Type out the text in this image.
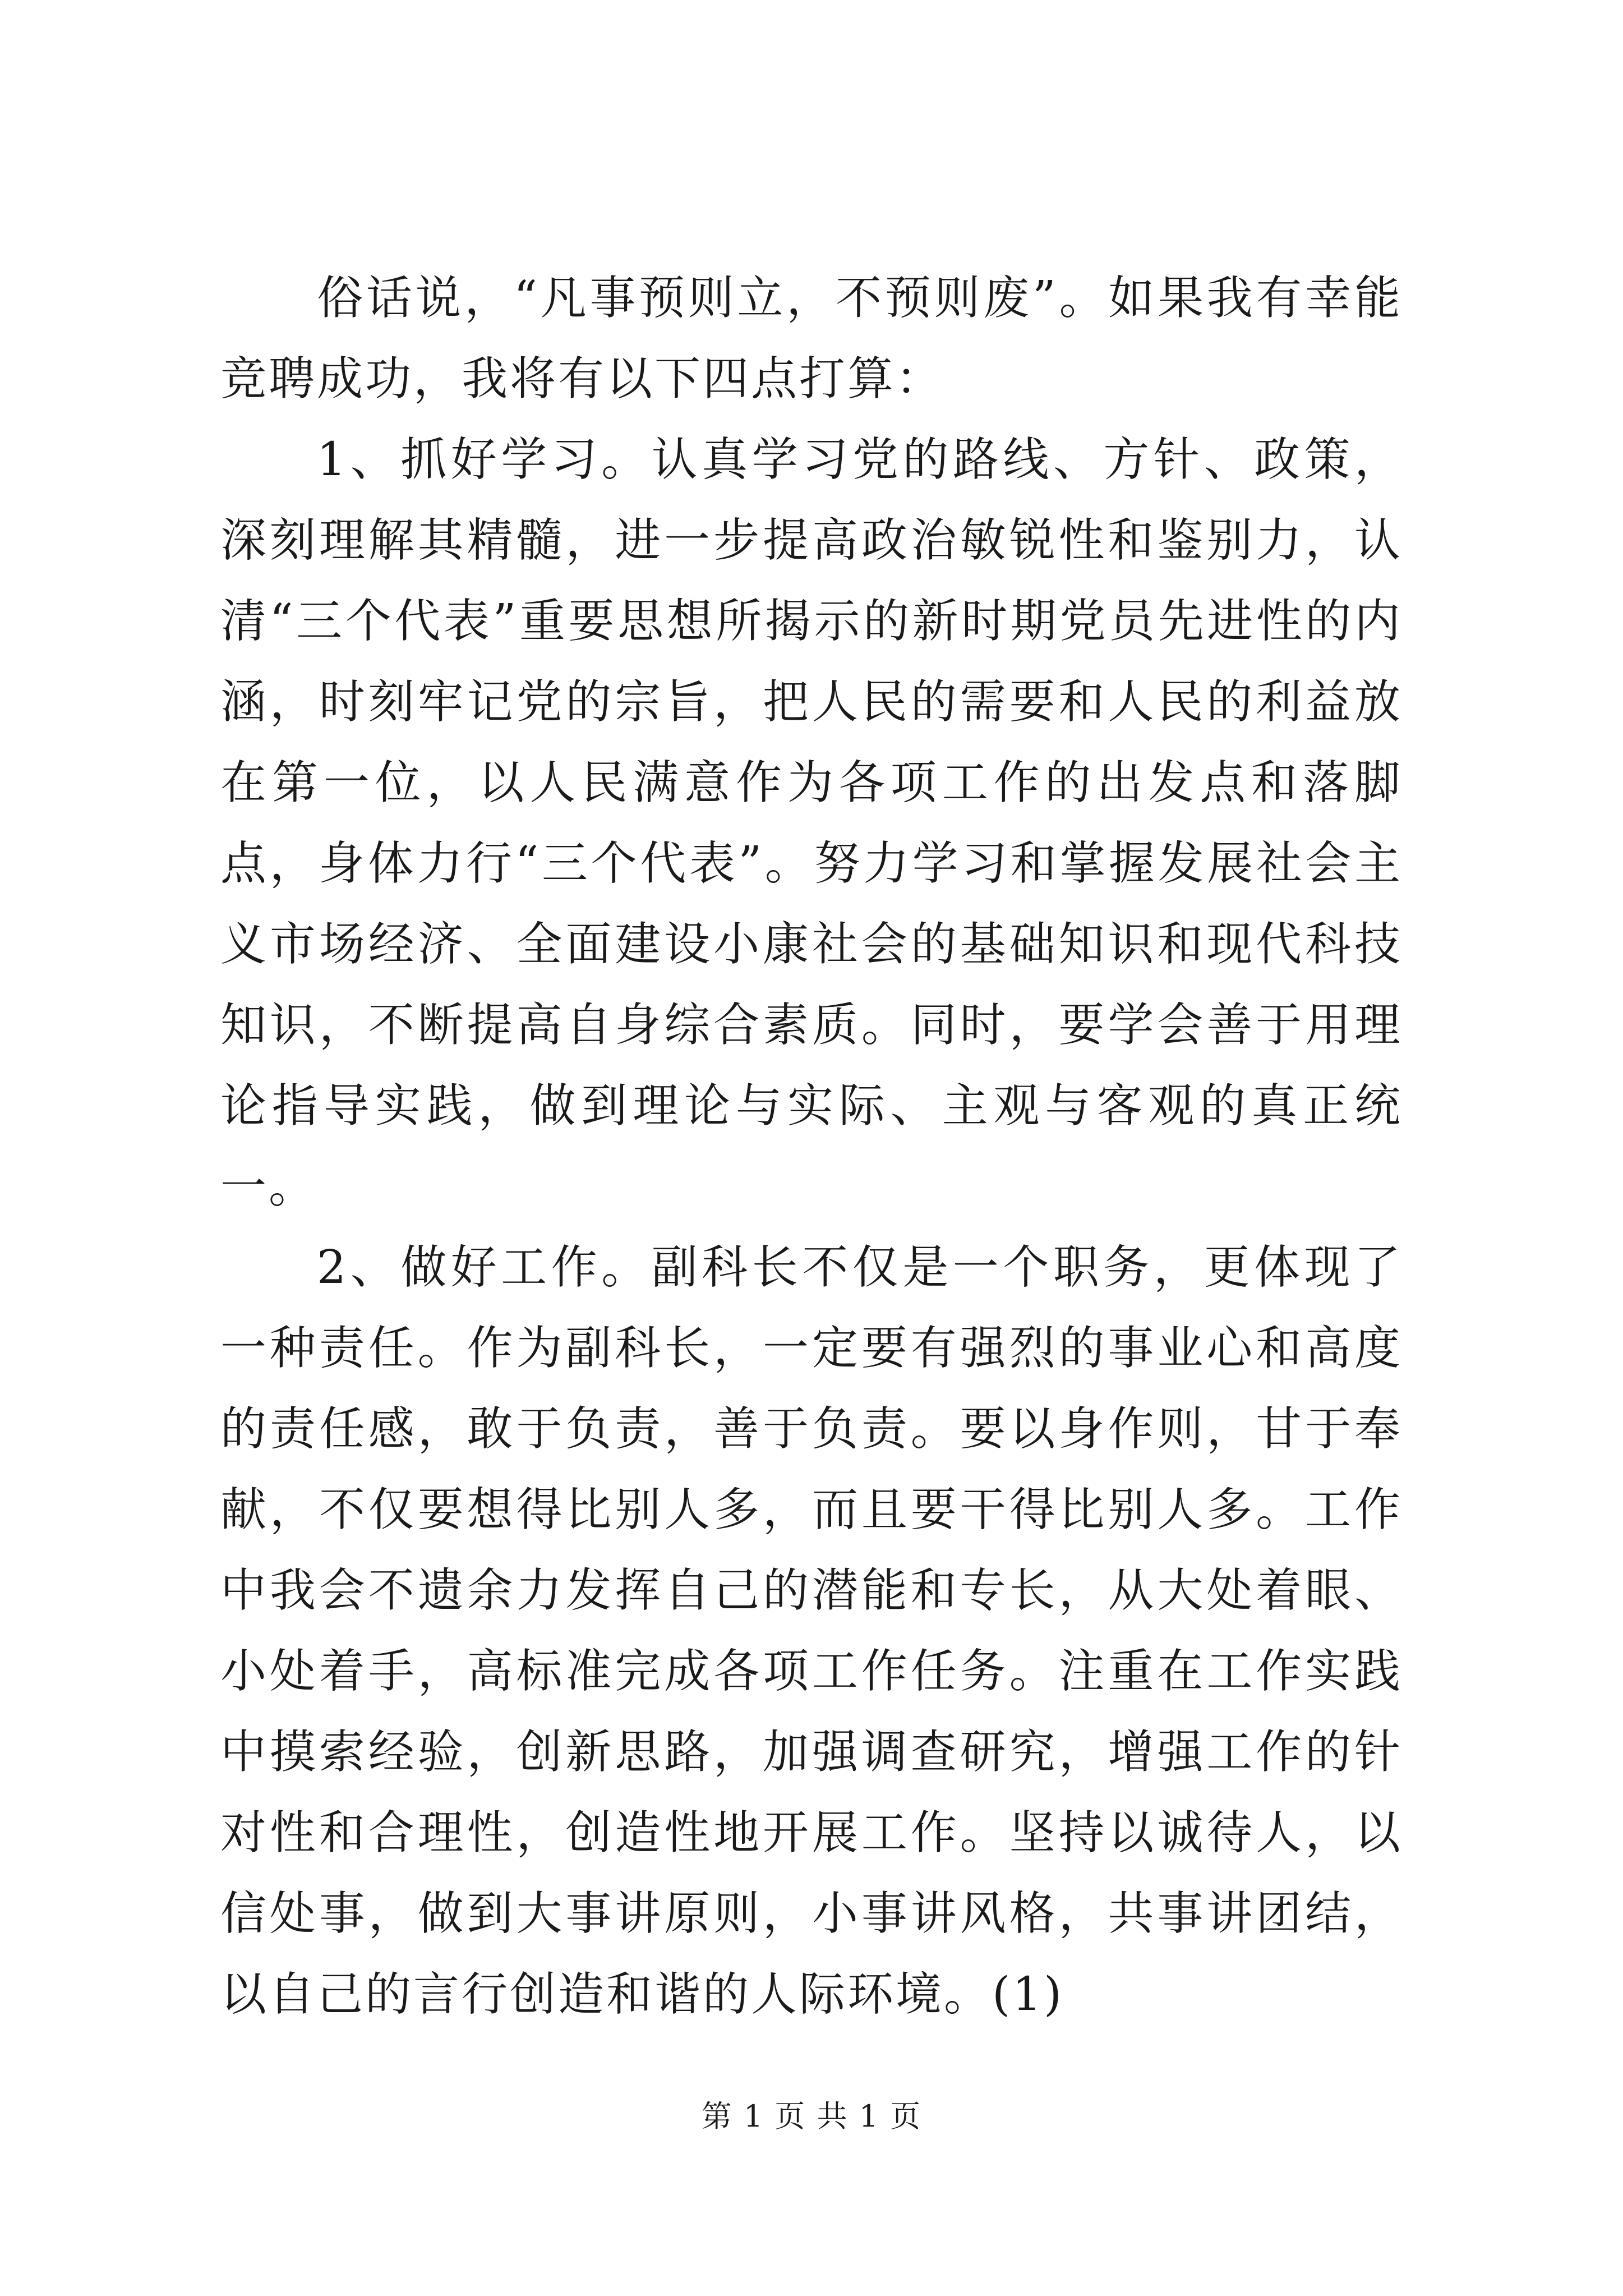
俗话说，“凡事预则立，不预则废”。如果我有幸能竞聘成功，我将有以下四点打算：

1、抓好学习。认真学习党的路线、方针、政策，深刻理解其精髓，进一步提高政治敏锐性和鉴别力，认清“三个代表”重要思想所揭示的新时期党员先进性的内涵，时刻牢记党的宗旨，把人民的需要和人民的利益放在第一位，以人民满意作为各项工作的出发点和落脚点，身体力行“三个代表”。努力学习和掌握发展社会主义市场经济、全面建设小康社会的基础知识和现代科技知识，不断提高自身综合素质。同时，要学会善于用理论指导实践，做到理论与实际、主观与客观的真正统一。

2、做好工作。副科长不仅是一个职务，更体现了一种责任。作为副科长，一定要有强烈的事业心和高度的责任感，敢于负责，善于负责。要以身作则，甘于奉献，不仅要想得比别人多，而且要干得比别人多。工作中我会不遗余力发挥自己的潜能和专长，从大处着眼、小处着手，高标准完成各项工作任务。注重在工作实践中摸索经验，创新思路，加强调查研究，增强工作的针对性和合理性，创造性地开展工作。坚持以诚待人，以信处事，做到大事讲原则，小事讲风格，共事讲团结，以自己的言行创造和谐的人际环境。(1)

第 1 页 共 1 页
